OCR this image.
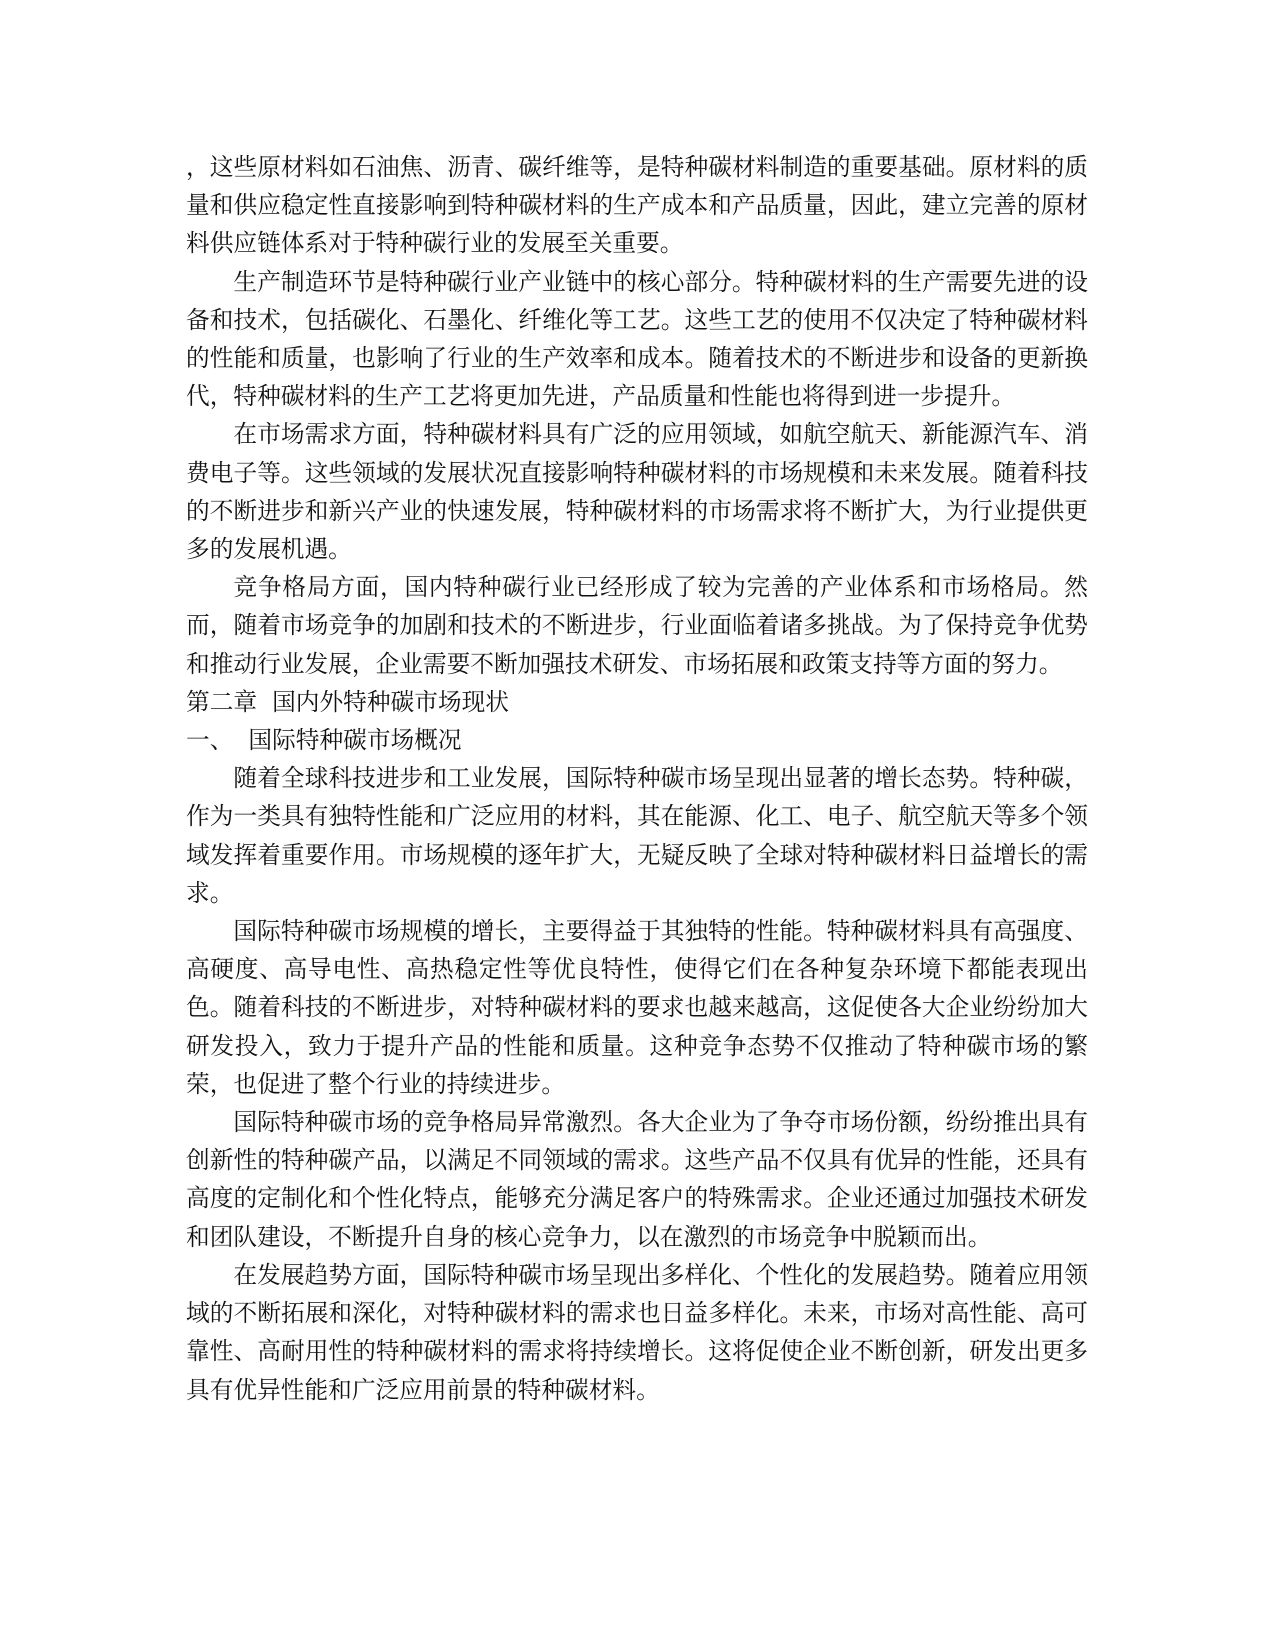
，这些原材料如石油焦、沥青、碳纤维等，是特种碳材料制造的重要基础。原材料的质量和供应稳定性直接影响到特种碳材料的生产成本和产品质量，因此，建立完善的原材料供应链体系对于特种碳行业的发展至关重要。

生产制造环节是特种碳行业产业链中的核心部分。特种碳材料的生产需要先进的设备和技术，包括碳化、石墨化、纤维化等工艺。这些工艺的使用不仅决定了特种碳材料的性能和质量，也影响了行业的生产效率和成本。随着技术的不断进步和设备的更新换代，特种碳材料的生产工艺将更加先进，产品质量和性能也将得到进一步提升。

在市场需求方面，特种碳材料具有广泛的应用领域，如航空航天、新能源汽车、消费电子等。这些领域的发展状况直接影响特种碳材料的市场规模和未来发展。随着科技的不断进步和新兴产业的快速发展，特种碳材料的市场需求将不断扩大，为行业提供更多的发展机遇。

竞争格局方面，国内特种碳行业已经形成了较为完善的产业体系和市场格局。然而，随着市场竞争的加剧和技术的不断进步，行业面临着诸多挑战。为了保持竞争优势和推动行业发展，企业需要不断加强技术研发、市场拓展和政策支持等方面的努力。

第二章  国内外特种碳市场现状

一、  国际特种碳市场概况

随着全球科技进步和工业发展，国际特种碳市场呈现出显著的增长态势。特种碳，作为一类具有独特性能和广泛应用的材料，其在能源、化工、电子、航空航天等多个领域发挥着重要作用。市场规模的逐年扩大，无疑反映了全球对特种碳材料日益增长的需求。

国际特种碳市场规模的增长，主要得益于其独特的性能。特种碳材料具有高强度、高硬度、高导电性、高热稳定性等优良特性，使得它们在各种复杂环境下都能表现出色。随着科技的不断进步，对特种碳材料的要求也越来越高，这促使各大企业纷纷加大研发投入，致力于提升产品的性能和质量。这种竞争态势不仅推动了特种碳市场的繁荣，也促进了整个行业的持续进步。

国际特种碳市场的竞争格局异常激烈。各大企业为了争夺市场份额，纷纷推出具有创新性的特种碳产品，以满足不同领域的需求。这些产品不仅具有优异的性能，还具有高度的定制化和个性化特点，能够充分满足客户的特殊需求。企业还通过加强技术研发和团队建设，不断提升自身的核心竞争力，以在激烈的市场竞争中脱颖而出。

在发展趋势方面，国际特种碳市场呈现出多样化、个性化的发展趋势。随着应用领域的不断拓展和深化，对特种碳材料的需求也日益多样化。未来，市场对高性能、高可靠性、高耐用性的特种碳材料的需求将持续增长。这将促使企业不断创新，研发出更多具有优异性能和广泛应用前景的特种碳材料。
